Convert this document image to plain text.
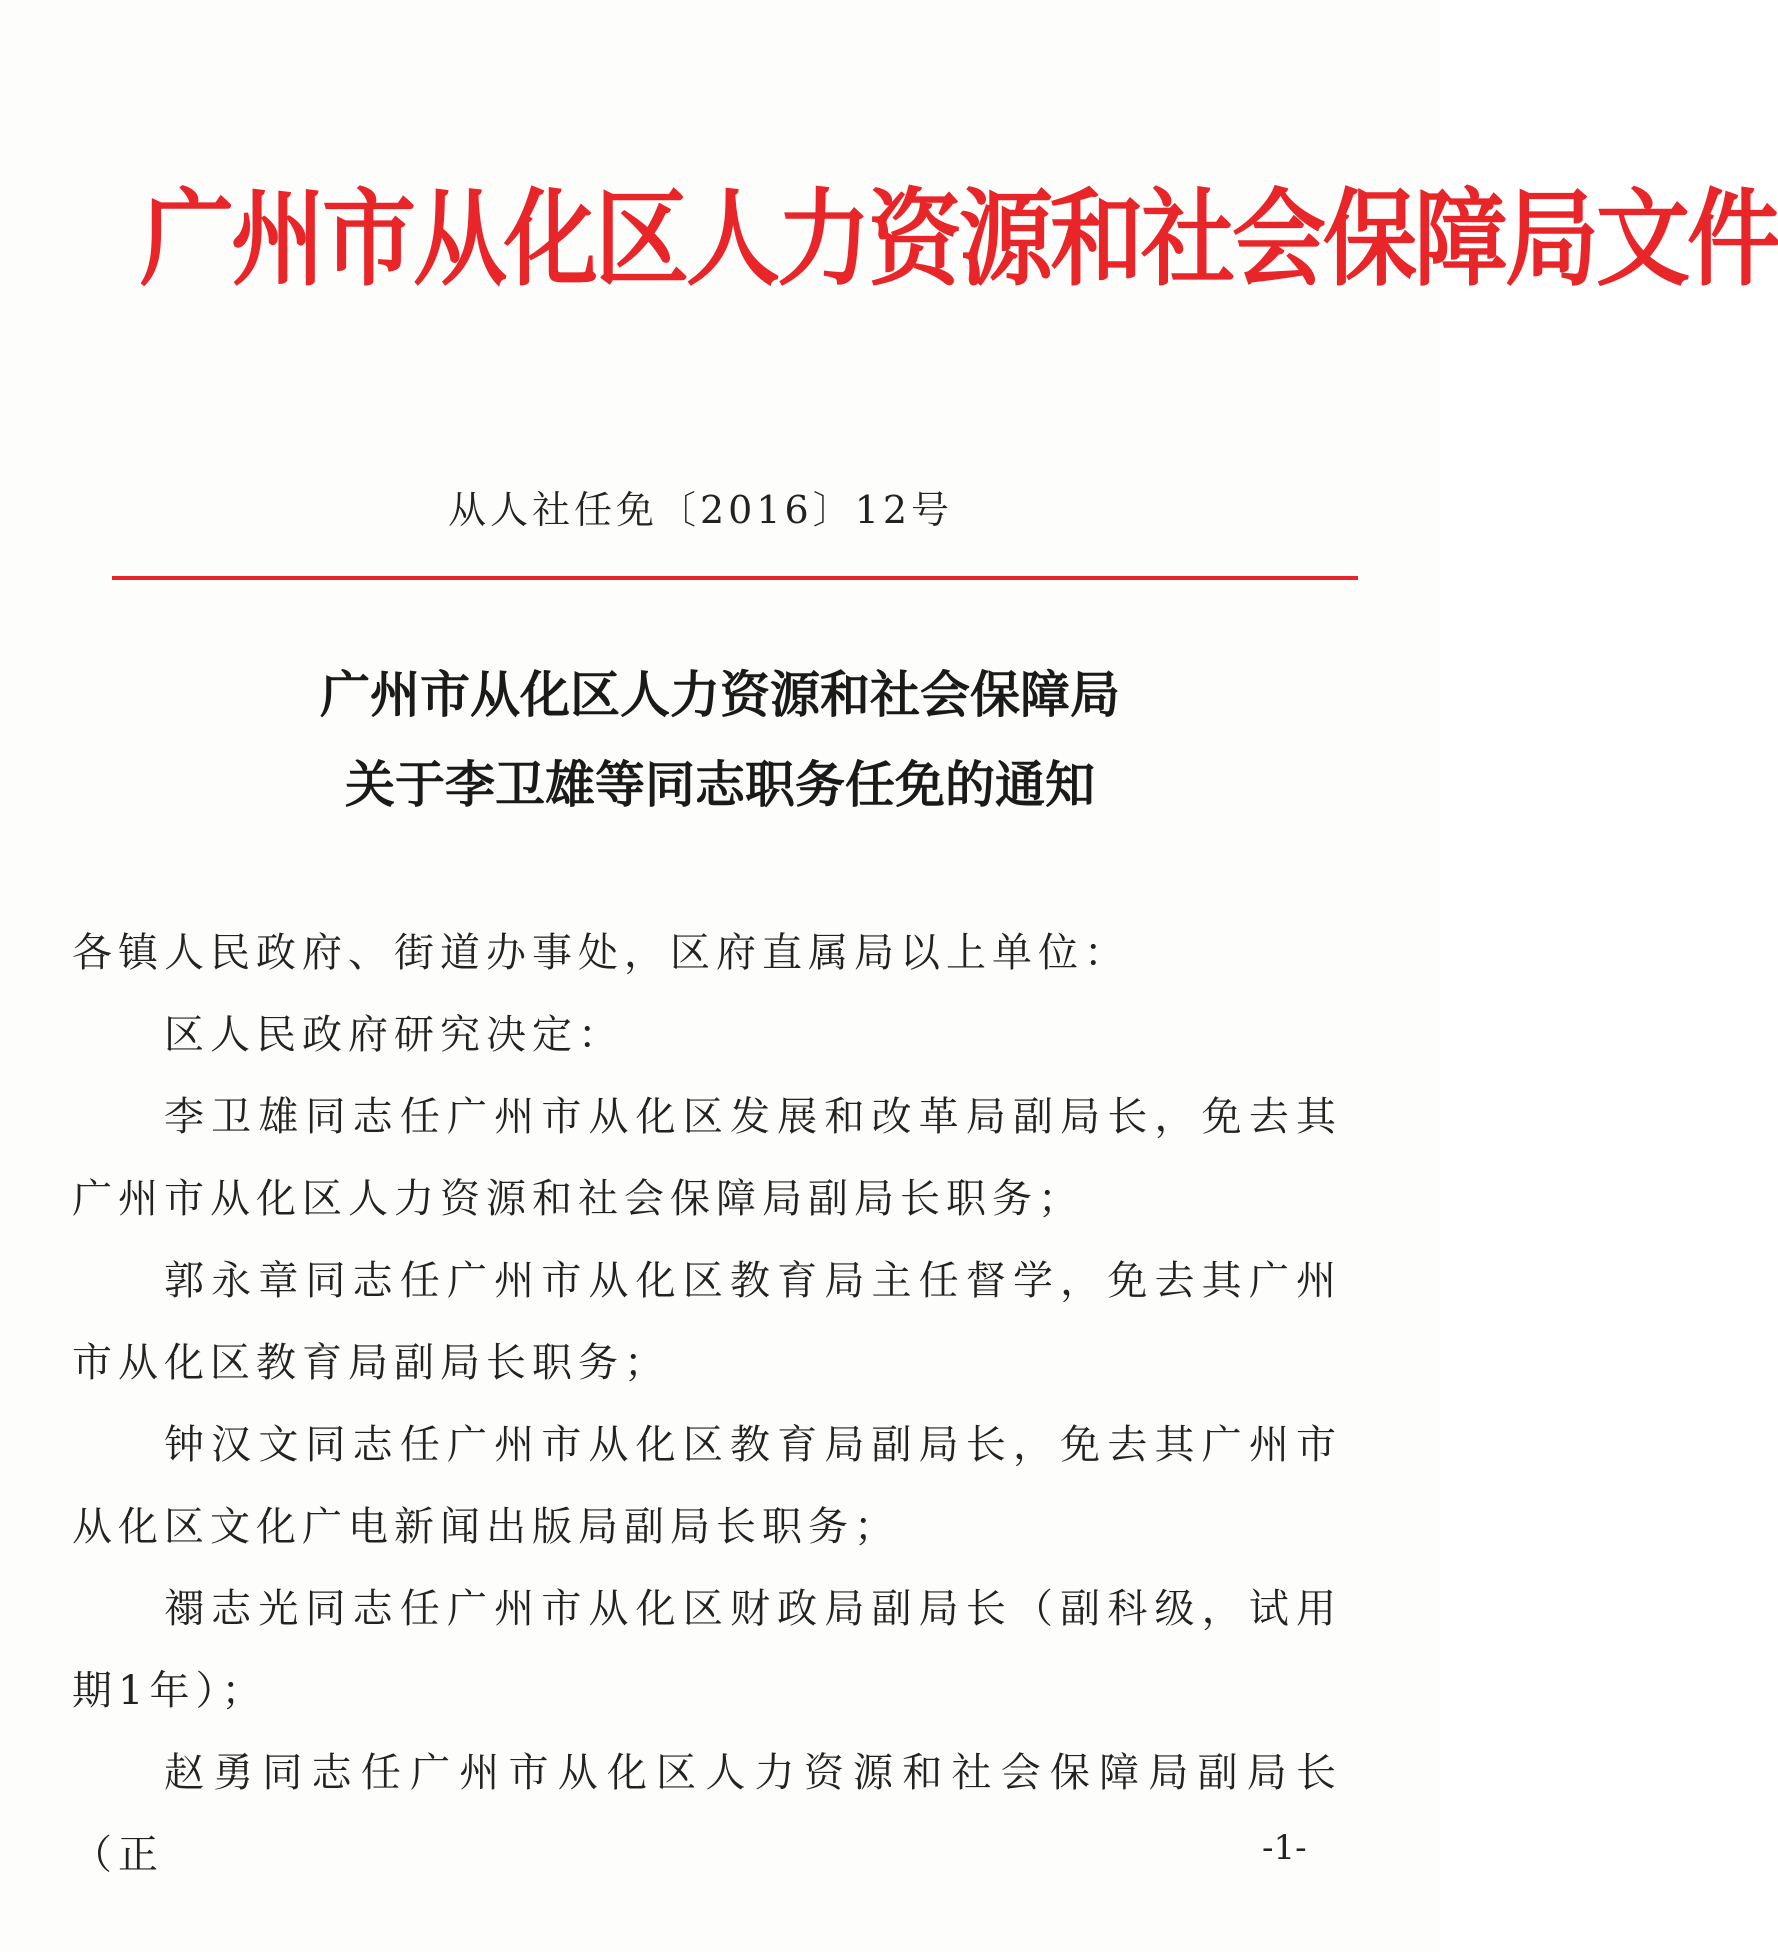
广州市从化区人力资源和社会保障局文件
从人社任免〔2016〕12号
广州市从化区人力资源和社会保障局
关于李卫雄等同志职务任免的通知

各镇人民政府、街道办事处，区府直属局以上单位：

区人民政府研究决定：

李卫雄同志任广州市从化区发展和改革局副局长，免去其广州市从化区人力资源和社会保障局副局长职务；

郭永章同志任广州市从化区教育局主任督学，免去其广州市从化区教育局副局长职务；

钟汉文同志任广州市从化区教育局副局长，免去其广州市从化区文化广电新闻出版局副局长职务；

禤志光同志任广州市从化区财政局副局长（副科级，试用期1年）；

赵勇同志任广州市从化区人力资源和社会保障局副局长（正	-1-
